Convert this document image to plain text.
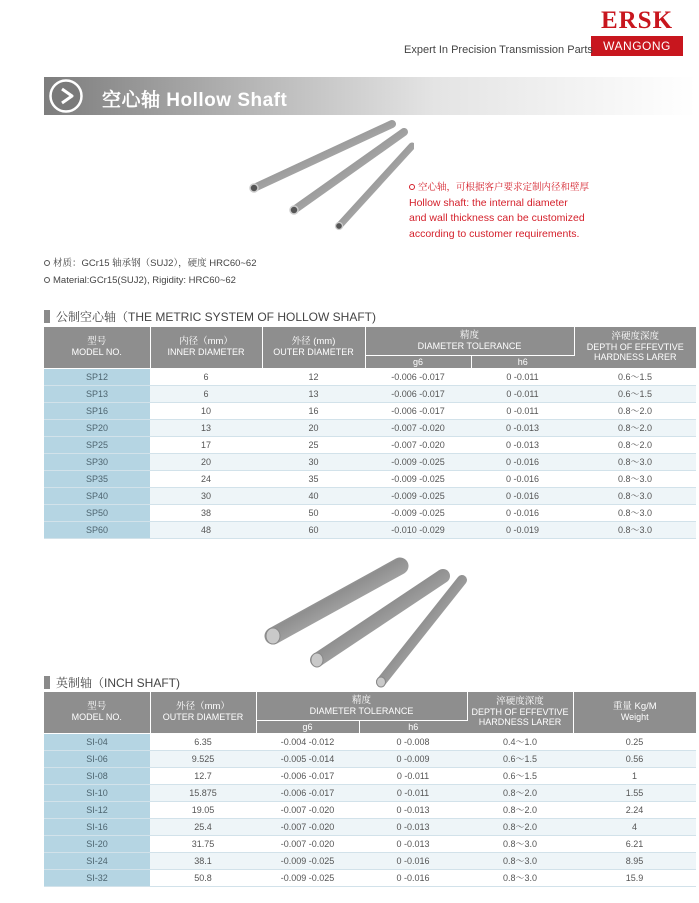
ERSK
WANGONG
Expert In Precision Transmission Parts
空心轴 Hollow Shaft
空心轴，可根据客户要求定制内径和壁厚
Hollow shaft: the internal diameter
and wall thickness can be customized
according to customer requirements.
材质：GCr15 轴承钢（SUJ2），硬度 HRC60~62
Material:GCr15(SUJ2), Rigidity: HRC60~62
公制空心轴（THE METRIC SYSTEM OF HOLLOW SHAFT)
型号
MODEL NO.	内径（mm）
INNER DIAMETER	外径 (mm)
OUTER DIAMETER	精度
DIAMETER TOLERANCE		淬硬度深度
DEPTH OF EFFEVTIVE
HARDNESS LARER
			g6	h6	
SP12	6	12	-0.006 -0.017	0 -0.011	0.6～1.5
SP13	6	13	-0.006 -0.017	0 -0.011	0.6～1.5
SP16	10	16	-0.006 -0.017	0 -0.011	0.8～2.0
SP20	13	20	-0.007 -0.020	0 -0.013	0.8～2.0
SP25	17	25	-0.007 -0.020	0 -0.013	0.8～2.0
SP30	20	30	-0.009 -0.025	0 -0.016	0.8～3.0
SP35	24	35	-0.009 -0.025	0 -0.016	0.8～3.0
SP40	30	40	-0.009 -0.025	0 -0.016	0.8～3.0
SP50	38	50	-0.009 -0.025	0 -0.016	0.8～3.0
SP60	48	60	-0.010 -0.029	0 -0.019	0.8～3.0
英制轴（INCH SHAFT)
型号
MODEL NO.	外径（mm）
OUTER DIAMETER	精度
DIAMETER TOLERANCE		淬硬度深度
DEPTH OF EFFEVTIVE
HARDNESS LARER	重量 Kg/M
Weight
		g6	h6		
SI-04	6.35	-0.004 -0.012	0 -0.008	0.4～1.0	0.25
SI-06	9.525	-0.005 -0.014	0 -0.009	0.6～1.5	0.56
SI-08	12.7	-0.006 -0.017	0 -0.011	0.6～1.5	1
SI-10	15.875	-0.006 -0.017	0 -0.011	0.8～2.0	1.55
SI-12	19.05	-0.007 -0.020	0 -0.013	0.8～2.0	2.24
SI-16	25.4	-0.007 -0.020	0 -0.013	0.8～2.0	4
SI-20	31.75	-0.007 -0.020	0 -0.013	0.8～3.0	6.21
SI-24	38.1	-0.009 -0.025	0 -0.016	0.8～3.0	8.95
SI-32	50.8	-0.009 -0.025	0 -0.016	0.8～3.0	15.9
